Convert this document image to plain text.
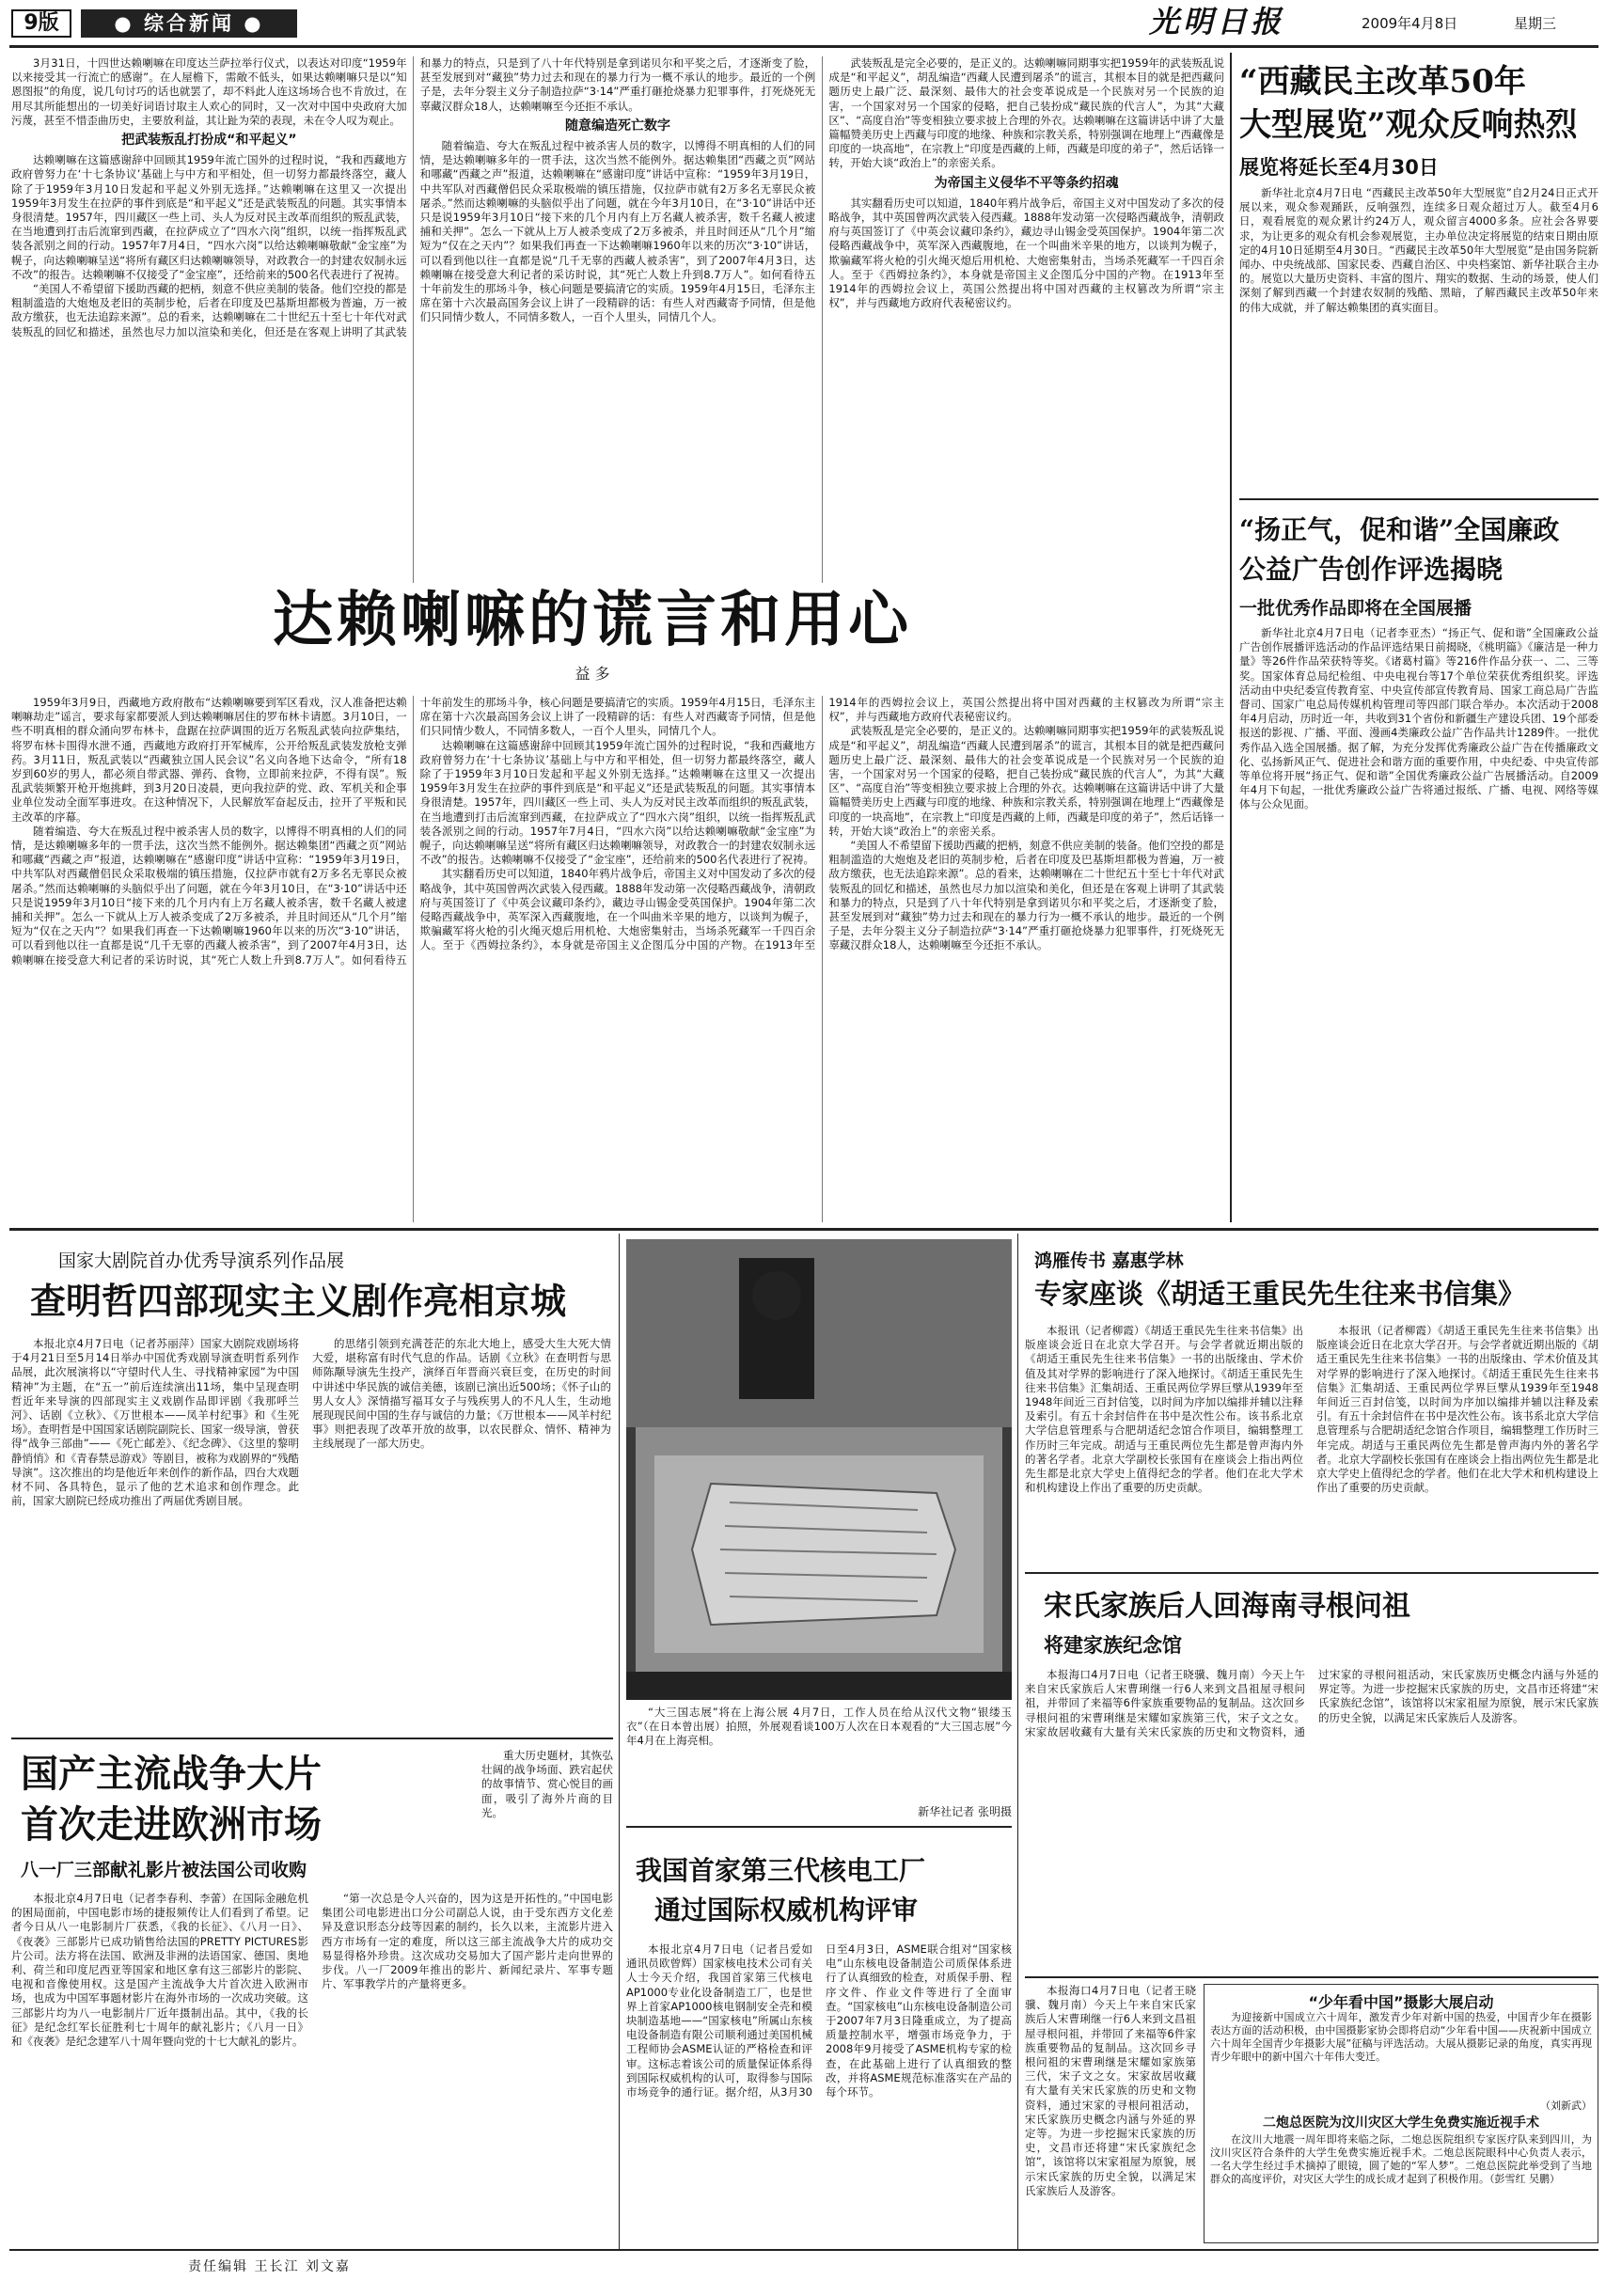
9版	● 综合新闻 ●	光明日报	2009年4月8日	星期三

3月31日，十四世达赖喇嘛在印度达兰萨拉举行仪式，以表达对印度“1959年以来接受其一行流亡的感谢”。在人屋檐下，需敞不低头，如果达赖喇嘛只是以“知恩图报”的角度，说几句讨巧的话也就罢了，却不料此人连这场场合也不肯放过，在用尽其所能想出的一切美好词语讨取主人欢心的同时，又一次对中国中央政府大加污蔑，甚至不惜歪曲历史，主要放利益，其让趾为荣的表现，未在令人叹为观止。

把武装叛乱打扮成“和平起义”

达赖喇嘛在这篇感谢辞中回顾其1959年流亡国外的过程时说，“我和西藏地方政府曾努力在‘十七条协议’基础上与中方和平相处，但一切努力都最终落空，藏人除了于1959年3月10日发起和平起义外别无选择。”达赖喇嘛在这里又一次提出1959年3月发生在拉萨的事件到底是“和平起义”还是武装叛乱的问题。其实事情本身很清楚。1957年，四川藏区一些上司、头人为反对民主改革而组织的叛乱武装，在当地遭到打击后流窜到西藏，在拉萨成立了“四水六岗”组织，以统一指挥叛乱武装各派别之间的行动。1957年7月4日，“四水六岗”以给达赖喇嘛敬献“金宝座”为幌子，向达赖喇嘛呈送“将所有藏区归达赖喇嘛领导，对政教合一的封建农奴制永远不改”的报告。达赖喇嘛不仅接受了“金宝座”，还给前来的500名代表进行了祝祷。

“美国人不希望留下援助西藏的把柄，刻意不供应美制的装备。他们空投的都是粗制滥造的大炮炮及老旧的英制步枪，后者在印度及巴基斯坦都极为普遍，万一被敌方缴获，也无法追踪来源”。总的看来，达赖喇嘛在二十世纪五十至七十年代对武装叛乱的回忆和描述，虽然也尽力加以渲染和美化，但还是在客观上讲明了其武装和暴力的特点，只是到了八十年代特别是拿到诺贝尔和平奖之后，才逐渐变了脸，甚至发展到对“藏独”势力过去和现在的暴力行为一概不承认的地步。最近的一个例子是，去年分裂主义分子制造拉萨“3·14”严重打砸抢烧暴力犯罪事件，打死烧死无辜藏汉群众18人，达赖喇嘛至今还拒不承认。

随意编造死亡数字

随着编造、夸大在叛乱过程中被杀害人员的数字，以博得不明真相的人们的同情，是达赖喇嘛多年的一贯手法，这次当然不能例外。据达赖集团“西藏之页”网站和哪藏“西藏之声”报道，达赖喇嘛在“感谢印度”讲话中宣称：“1959年3月19日，中共军队对西藏僧侣民众采取极端的镇压措施，仅拉萨市就有2万多名无辜民众被屠杀。”然而达赖喇嘛的头脑似乎出了问题，就在今年3月10日，在“3·10”讲话中还只是说1959年3月10日“接下来的几个月内有上万名藏人被杀害，数千名藏人被逮捕和关押”。怎么一下就从上万人被杀变成了2万多被杀，并且时间还从“几个月”缩短为“仅在之天内”？如果我们再查一下达赖喇嘛1960年以来的历次“3·10”讲话，可以看到他以往一直都是说“几千无辜的西藏人被杀害”，到了2007年4月3日，达赖喇嘛在接受意大利记者的采访时说，其“死亡人数上升到8.7万人”。如何看待五十年前发生的那场斗争，核心问题是要搞清它的实质。1959年4月15日，毛泽东主席在第十六次最高国务会议上讲了一段精辟的话：有些人对西藏寄予同情，但是他们只同情少数人，不同情多数人，一百个人里头，同情几个人。

武装叛乱是完全必要的，是正义的。达赖喇嘛同期事实把1959年的武装叛乱说成是“和平起义”，胡乱编造“西藏人民遭到屠杀”的谎言，其根本目的就是把西藏问题历史上最广泛、最深刻、最伟大的社会变革说成是一个民族对另一个民族的迫害，一个国家对另一个国家的侵略，把自己装扮成“藏民族的代言人”，为其“大藏区”、“高度自治”等变相独立要求披上合理的外衣。达赖喇嘛在这篇讲话中讲了大量篇幅赞美历史上西藏与印度的地缘、种族和宗教关系，特别强调在地理上“西藏像是印度的一块高地”，在宗教上“印度是西藏的上师，西藏是印度的弟子”，然后话锋一转，开始大谈“政治上”的亲密关系。

为帝国主义侵华不平等条约招魂

其实翻看历史可以知道，1840年鸦片战争后，帝国主义对中国发动了多次的侵略战争，其中英国曾两次武装入侵西藏。1888年发动第一次侵略西藏战争，清朝政府与英国签订了《中英会议藏印条约》，藏边寻山锡金受英国保护。1904年第二次侵略西藏战争中，英军深入西藏腹地，在一个叫曲米辛果的地方，以谈判为幌子，欺骗藏军将火枪的引火绳灭熄后用机枪、大炮密集射击，当场杀死藏军一千四百余人。至于《西姆拉条约》，本身就是帝国主义企图瓜分中国的产物。在1913年至1914年的西姆拉会议上，英国公然提出将中国对西藏的主权篡改为所谓“宗主权”，并与西藏地方政府代表秘密议约。

达赖喇嘛的谎言和用心
益 多

1959年3月9日，西藏地方政府散布“达赖喇嘛要到军区看戏，汉人准备把达赖喇嘛劫走”谣言，要求每家都要派人到达赖喇嘛居住的罗布林卡请愿。3月10日，一些不明真相的群众涌向罗布林卡，盘踞在拉萨调围的近万名叛乱武装向拉萨集结，将罗布林卡围得水泄不通，西藏地方政府打开军械库，公开给叛乱武装发放枪支弹药。3月11日，叛乱武装以“西藏独立国人民会议”名义向各地下达命令，“所有18岁到60岁的男人，都必须自带武器、弹药、食物，立即前来拉萨，不得有误”。叛乱武装频繁开枪开炮挑衅，到3月20日凌晨，更向我拉萨的党、政、军机关和企事业单位发动全面军事进攻。在这种情况下，人民解放军奋起反击，拉开了平叛和民主改革的序幕。

随着编造、夸大在叛乱过程中被杀害人员的数字，以博得不明真相的人们的同情，是达赖喇嘛多年的一贯手法，这次当然不能例外。据达赖集团“西藏之页”网站和哪藏“西藏之声”报道，达赖喇嘛在“感谢印度”讲话中宣称：“1959年3月19日，中共军队对西藏僧侣民众采取极端的镇压措施，仅拉萨市就有2万多名无辜民众被屠杀。”然而达赖喇嘛的头脑似乎出了问题，就在今年3月10日，在“3·10”讲话中还只是说1959年3月10日“接下来的几个月内有上万名藏人被杀害，数千名藏人被逮捕和关押”。怎么一下就从上万人被杀变成了2万多被杀，并且时间还从“几个月”缩短为“仅在之天内”？如果我们再查一下达赖喇嘛1960年以来的历次“3·10”讲话，可以看到他以往一直都是说“几千无辜的西藏人被杀害”，到了2007年4月3日，达赖喇嘛在接受意大利记者的采访时说，其“死亡人数上升到8.7万人”。如何看待五十年前发生的那场斗争，核心问题是要搞清它的实质。1959年4月15日，毛泽东主席在第十六次最高国务会议上讲了一段精辟的话：有些人对西藏寄予同情，但是他们只同情少数人，不同情多数人，一百个人里头，同情几个人。

达赖喇嘛在这篇感谢辞中回顾其1959年流亡国外的过程时说，“我和西藏地方政府曾努力在‘十七条协议’基础上与中方和平相处，但一切努力都最终落空，藏人除了于1959年3月10日发起和平起义外别无选择。”达赖喇嘛在这里又一次提出1959年3月发生在拉萨的事件到底是“和平起义”还是武装叛乱的问题。其实事情本身很清楚。1957年，四川藏区一些上司、头人为反对民主改革而组织的叛乱武装，在当地遭到打击后流窜到西藏，在拉萨成立了“四水六岗”组织，以统一指挥叛乱武装各派别之间的行动。1957年7月4日，“四水六岗”以给达赖喇嘛敬献“金宝座”为幌子，向达赖喇嘛呈送“将所有藏区归达赖喇嘛领导，对政教合一的封建农奴制永远不改”的报告。达赖喇嘛不仅接受了“金宝座”，还给前来的500名代表进行了祝祷。

其实翻看历史可以知道，1840年鸦片战争后，帝国主义对中国发动了多次的侵略战争，其中英国曾两次武装入侵西藏。1888年发动第一次侵略西藏战争，清朝政府与英国签订了《中英会议藏印条约》，藏边寻山锡金受英国保护。1904年第二次侵略西藏战争中，英军深入西藏腹地，在一个叫曲米辛果的地方，以谈判为幌子，欺骗藏军将火枪的引火绳灭熄后用机枪、大炮密集射击，当场杀死藏军一千四百余人。至于《西姆拉条约》，本身就是帝国主义企图瓜分中国的产物。在1913年至1914年的西姆拉会议上，英国公然提出将中国对西藏的主权篡改为所谓“宗主权”，并与西藏地方政府代表秘密议约。

武装叛乱是完全必要的，是正义的。达赖喇嘛同期事实把1959年的武装叛乱说成是“和平起义”，胡乱编造“西藏人民遭到屠杀”的谎言，其根本目的就是把西藏问题历史上最广泛、最深刻、最伟大的社会变革说成是一个民族对另一个民族的迫害，一个国家对另一个国家的侵略，把自己装扮成“藏民族的代言人”，为其“大藏区”、“高度自治”等变相独立要求披上合理的外衣。达赖喇嘛在这篇讲话中讲了大量篇幅赞美历史上西藏与印度的地缘、种族和宗教关系，特别强调在地理上“西藏像是印度的一块高地”，在宗教上“印度是西藏的上师，西藏是印度的弟子”，然后话锋一转，开始大谈“政治上”的亲密关系。

“美国人不希望留下援助西藏的把柄，刻意不供应美制的装备。他们空投的都是粗制滥造的大炮炮及老旧的英制步枪，后者在印度及巴基斯坦都极为普遍，万一被敌方缴获，也无法追踪来源”。总的看来，达赖喇嘛在二十世纪五十至七十年代对武装叛乱的回忆和描述，虽然也尽力加以渲染和美化，但还是在客观上讲明了其武装和暴力的特点，只是到了八十年代特别是拿到诺贝尔和平奖之后，才逐渐变了脸，甚至发展到对“藏独”势力过去和现在的暴力行为一概不承认的地步。最近的一个例子是，去年分裂主义分子制造拉萨“3·14”严重打砸抢烧暴力犯罪事件，打死烧死无辜藏汉群众18人，达赖喇嘛至今还拒不承认。

“西藏民主改革50年
大型展览”观众反响热烈
展览将延长至4月30日

新华社北京4月7日电 “西藏民主改革50年大型展览”自2月24日正式开展以来，观众参观踊跃，反响强烈，连续多日观众超过万人。截至4月6日，观看展览的观众累计约24万人，观众留言4000多条。应社会各界要求，为让更多的观众有机会参观展览，主办单位决定将展览的结束日期由原定的4月10日延期至4月30日。“西藏民主改革50年大型展览”是由国务院新闻办、中央统战部、国家民委、西藏自治区、中央档案馆、新华社联合主办的。展览以大量历史资料、丰富的图片、翔实的数据、生动的场景，使人们深刻了解到西藏一个封建农奴制的残酷、黑暗，了解西藏民主改革50年来的伟大成就，并了解达赖集团的真实面目。

“扬正气，促和谐”全国廉政
公益广告创作评选揭晓
一批优秀作品即将在全国展播

新华社北京4月7日电（记者李亚杰）“扬正气、促和谐”全国廉政公益广告创作展播评选活动的作品评选结果日前揭晓，《桃明篇》《廉洁是一种力量》等26件作品荣获特等奖。《诸葛村篇》等216件作品分获一、二、三等奖。国家体育总局纪检组、中央电视台等17个单位荣获优秀组织奖。评选活动由中央纪委宣传教育室、中央宣传部宣传教育局、国家工商总局广告监督司、国家广电总局传媒机构管理司等四部门联合举办。本次活动于2008年4月启动，历时近一年，共收到31个省份和新疆生产建设兵团、19个部委报送的影视、广播、平面、漫画4类廉政公益广告作品共计1289件。一批优秀作品入选全国展播。据了解，为充分发挥优秀廉政公益广告在传播廉政文化、弘扬新风正气、促进社会和谐方面的重要作用，中央纪委、中央宣传部等单位将开展“扬正气、促和谐”全国优秀廉政公益广告展播活动。自2009年4月下旬起，一批优秀廉政公益广告将通过报纸、广播、电视、网络等媒体与公众见面。

国家大剧院首办优秀导演系列作品展
查明哲四部现实主义剧作亮相京城

本报北京4月7日电（记者苏丽萍）国家大剧院戏剧场将于4月21日至5月14日举办中国优秀戏剧导演查明哲系列作品展，此次展演将以“守望时代人生、寻找精神家园”为中国精神”为主题，在“五一”前后连续演出11场，集中呈现查明哲近年来导演的四部现实主义戏剧作品即评剧《我那呼兰河》、话剧《立秋》、《万世根本——凤羊村纪事》和《生死场》。查明哲是中国国家话剧院副院长、国家一级导演，曾获得“战争三部曲”——《死亡邮差》、《纪念碑》、《这里的黎明静悄悄》和《青春禁忌游戏》等剧目，被称为戏剧界的“残酷导演”。这次推出的均是他近年来创作的新作品，四台大戏题材不同、各具特色，显示了他的艺术追求和创作理念。此前，国家大剧院已经成功推出了两届优秀剧目展。

的思绪引领到充满苍茫的东北大地上，感受大生大死大情大爱，堪称富有时代气息的作品。话剧《立秋》在查明哲与思师陈颙导演先生投产，演绎百年晋商兴衰巨变，在历史的时间中讲述中华民族的诚信美德，该剧已演出近500场；《怀子山的男人女人》深情描写福耳女子与残疾男人的不凡人生，生动地展现现民间中国的生存与诚信的力量；《万世根本——风羊村纪事》则把表现了改革开放的故事，以农民群众、情怀、精神为主线展现了一部大历史。

国产主流战争大片
首次走进欧洲市场
八一厂三部献礼影片被法国公司收购

重大历史题材，其恢弘壮阔的战争场面、跌宕起伏的故事情节、赏心悦目的画面，吸引了海外片商的目光。

本报北京4月7日电（记者李春利、李蕾）在国际金融危机的困局面前，中国电影市场的捷报频传让人们看到了希望。记者今日从八一电影制片厂获悉，《我的长征》、《八月一日》、《夜袭》三部影片已成功销售给法国的PRETTY PICTURES影片公司。法方将在法国、欧洲及非洲的法语国家、德国、奥地利、荷兰和印度尼西亚等国家和地区拿有这三部影片的影院、电视和音像使用权。这是国产主流战争大片首次进入欧洲市场，也成为中国军事题材影片在海外市场的一次成功突破。这三部影片均为八一电影制片厂近年摄制出品。其中，《我的长征》是纪念红军长征胜利七十周年的献礼影片；《八月一日》和《夜袭》是纪念建军八十周年暨向党的十七大献礼的影片。

“第一次总是令人兴奋的，因为这是开拓性的。”中国电影集团公司电影进出口分公司副总人说，由于受东西方文化差异及意识形态分歧等因素的制约，长久以来，主流影片进入西方市场有一定的难度，所以这三部主流战争大片的成功交易显得格外珍贵。这次成功交易加大了国产影片走向世界的步伐。八一厂2009年推出的影片、新闻纪录片、军事专题片、军事教学片的产量将更多。

“大三国志展”将在上海公展 4月7日，工作人员在给从汉代文物“银缕玉衣”（在日本曾出展）拍照，外展观看谈100万人次在日本观看的“大三国志展”今年4月在上海亮相。

新华社记者 张明摄
我国首家第三代核电工厂
通过国际权威机构评审

本报北京4月7日电（记者吕爱如通讯员欧曾辉）国家核电技术公司有关人士今天介绍，我国首家第三代核电AP1000专业化设备制造工厂，也是世界上首家AP1000核电钢制安全壳和模块制造基地——“国家核电”所属山东核电设备制造有限公司顺利通过美国机械工程师协会ASME认证的严格检查和评审。这标志着该公司的质量保证体系得到国际权威机构的认可，取得参与国际市场竞争的通行证。据介绍，从3月30日至4月3日，ASME联合组对“国家核电”山东核电设备制造公司质保体系进行了认真细致的检查，对质保手册、程序文件、作业文件等进行了全面审查。“国家核电”山东核电设备制造公司于2007年7月3日隆重成立，为了提高质量控制水平，增强市场竞争力，于2008年9月接受了ASME机构专家的检查，在此基础上进行了认真细致的整改，并将ASME规范标准落实在产品的每个环节。

鸿雁传书 嘉惠学林
专家座谈《胡适王重民先生往来书信集》

本报讯（记者柳霞）《胡适王重民先生往来书信集》出版座谈会近日在北京大学召开。与会学者就近期出版的《胡适王重民先生往来书信集》一书的出版缘由、学术价值及其对学界的影响进行了深入地探讨。《胡适王重民先生往来书信集》汇集胡适、王重民两位学界巨擘从1939年至1948年间近三百封信笺，以时间为序加以编排并辅以注释及索引。有五十余封信件在书中是次性公布。该书系北京大学信息管理系与合肥胡适纪念馆合作项目，编辑整理工作历时三年完成。胡适与王重民两位先生都是曾声海内外的著名学者。北京大学副校长张国有在座谈会上指出两位先生都是北京大学史上值得纪念的学者。他们在北大学术和机构建设上作出了重要的历史贡献。

本报讯（记者柳霞）《胡适王重民先生往来书信集》出版座谈会近日在北京大学召开。与会学者就近期出版的《胡适王重民先生往来书信集》一书的出版缘由、学术价值及其对学界的影响进行了深入地探讨。《胡适王重民先生往来书信集》汇集胡适、王重民两位学界巨擘从1939年至1948年间近三百封信笺，以时间为序加以编排并辅以注释及索引。有五十余封信件在书中是次性公布。该书系北京大学信息管理系与合肥胡适纪念馆合作项目，编辑整理工作历时三年完成。胡适与王重民两位先生都是曾声海内外的著名学者。北京大学副校长张国有在座谈会上指出两位先生都是北京大学史上值得纪念的学者。他们在北大学术和机构建设上作出了重要的历史贡献。

宋氏家族后人回海南寻根问祖
将建家族纪念馆

本报海口4月7日电（记者王晓骥、魏月南）今天上午来自宋氏家族后人宋曹琍继一行6人来到文昌祖屋寻根问祖，并带回了来福等6件家族重要物品的复制品。这次回乡寻根问祖的宋曹琍继是宋耀如家族第三代，宋子文之女。宋家故居收藏有大量有关宋氏家族的历史和文物资料，通过宋家的寻根问祖活动，宋氏家族历史概念内涵与外延的界定等。为进一步挖掘宋氏家族的历史，文昌市还将建“宋氏家族纪念馆”，该馆将以宋家祖屋为原貌，展示宋氏家族的历史全貌，以满足宋氏家族后人及游客。

“少年看中国”摄影大展启动

为迎接新中国成立六十周年，激发青少年对新中国的热爱，中国青少年在摄影表达方面的活动积极，由中国摄影家协会即将启动“少年看中国——庆祝新中国成立六十周年全国青少年摄影大展”征稿与评选活动。大展从摄影记录的角度，真实再现青少年眼中的新中国六十年伟大变迁。

（刘新武）
二炮总医院为汶川灾区大学生免费实施近视手术

在汶川大地震一周年即将来临之际，二炮总医院组织专家医疗队来到四川，为汶川灾区符合条件的大学生免费实施近视手术。二炮总医院眼科中心负责人表示，一名大学生经过手术摘掉了眼镜，圆了她的“军人梦”。二炮总医院此举受到了当地群众的高度评价，对灾区大学生的成长成才起到了积极作用。（彭雪红 吴鹏）

本报海口4月7日电（记者王晓骥、魏月南）今天上午来自宋氏家族后人宋曹琍继一行6人来到文昌祖屋寻根问祖，并带回了来福等6件家族重要物品的复制品。这次回乡寻根问祖的宋曹琍继是宋耀如家族第三代，宋子文之女。宋家故居收藏有大量有关宋氏家族的历史和文物资料，通过宋家的寻根问祖活动，宋氏家族历史概念内涵与外延的界定等。为进一步挖掘宋氏家族的历史，文昌市还将建“宋氏家族纪念馆”，该馆将以宋家祖屋为原貌，展示宋氏家族的历史全貌，以满足宋氏家族后人及游客。

责任编辑 王长江 刘文嘉
